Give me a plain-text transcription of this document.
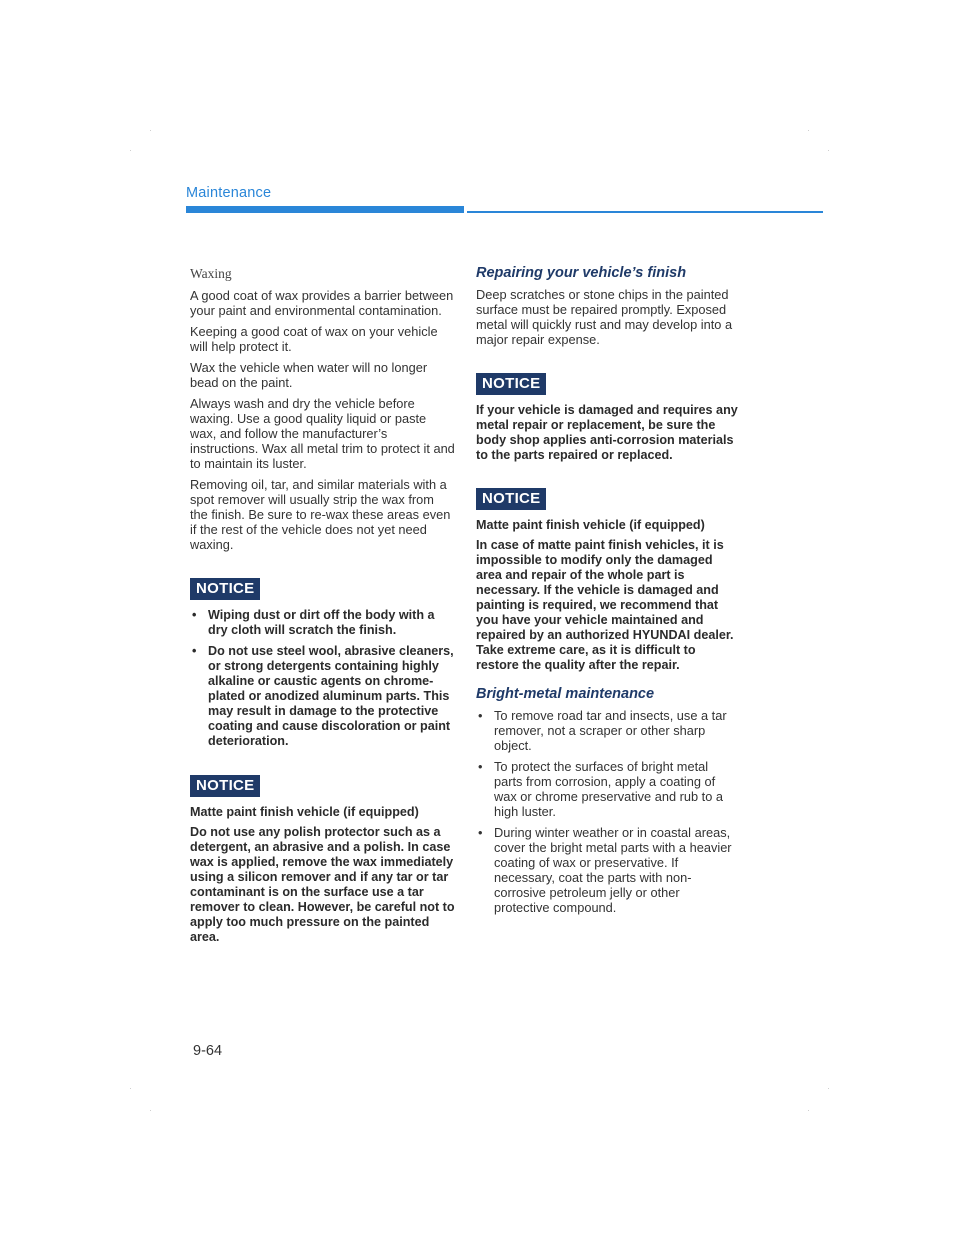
Maintenance
Waxing

A good coat of wax provides a barrier between your paint and environmental contamination.

Keeping a good coat of wax on your vehicle will help protect it.

Wax the vehicle when water will no longer bead on the paint.

Always wash and dry the vehicle before waxing. Use a good quality liquid or paste wax, and follow the manufacturer’s instructions. Wax all metal trim to protect it and to maintain its luster.

Removing oil, tar, and similar materials with a spot remover will usually strip the wax from the finish. Be sure to re-wax these areas even if the rest of the vehicle does not yet need waxing.

NOTICE
• Wiping dust or dirt off the body with a dry cloth will scratch the finish.
• Do not use steel wool, abrasive cleaners, or strong detergents containing highly alkaline or caustic agents on chrome-plated or anodized aluminum parts. This may result in damage to the protective coating and cause discoloration or paint deterioration.
NOTICE

Matte paint finish vehicle (if equipped)

Do not use any polish protector such as a detergent, an abrasive and a polish. In case wax is applied, remove the wax immediately using a silicon remover and if any tar or tar contaminant is on the surface use a tar remover to clean. However, be careful not to apply too much pressure on the painted area.

Repairing your vehicle’s finish

Deep scratches or stone chips in the painted surface must be repaired promptly. Exposed metal will quickly rust and may develop into a major repair expense.

NOTICE

If your vehicle is damaged and requires any metal repair or replacement, be sure the body shop applies anti-corrosion materials to the parts repaired or replaced.

NOTICE

Matte paint finish vehicle (if equipped)

In case of matte paint finish vehicles, it is impossible to modify only the damaged area and repair of the whole part is necessary. If the vehicle is damaged and painting is required, we recommend that you have your vehicle maintained and repaired by an authorized HYUNDAI dealer. Take extreme care, as it is difficult to restore the quality after the repair.

Bright-metal maintenance
• To remove road tar and insects, use a tar remover, not a scraper or other sharp object.
• To protect the surfaces of bright metal parts from corrosion, apply a coating of wax or chrome preservative and rub to a high luster.
• During winter weather or in coastal areas, cover the bright metal parts with a heavier coating of wax or preservative. If necessary, coat the parts with non-corrosive petroleum jelly or other protective compound.
9-64
